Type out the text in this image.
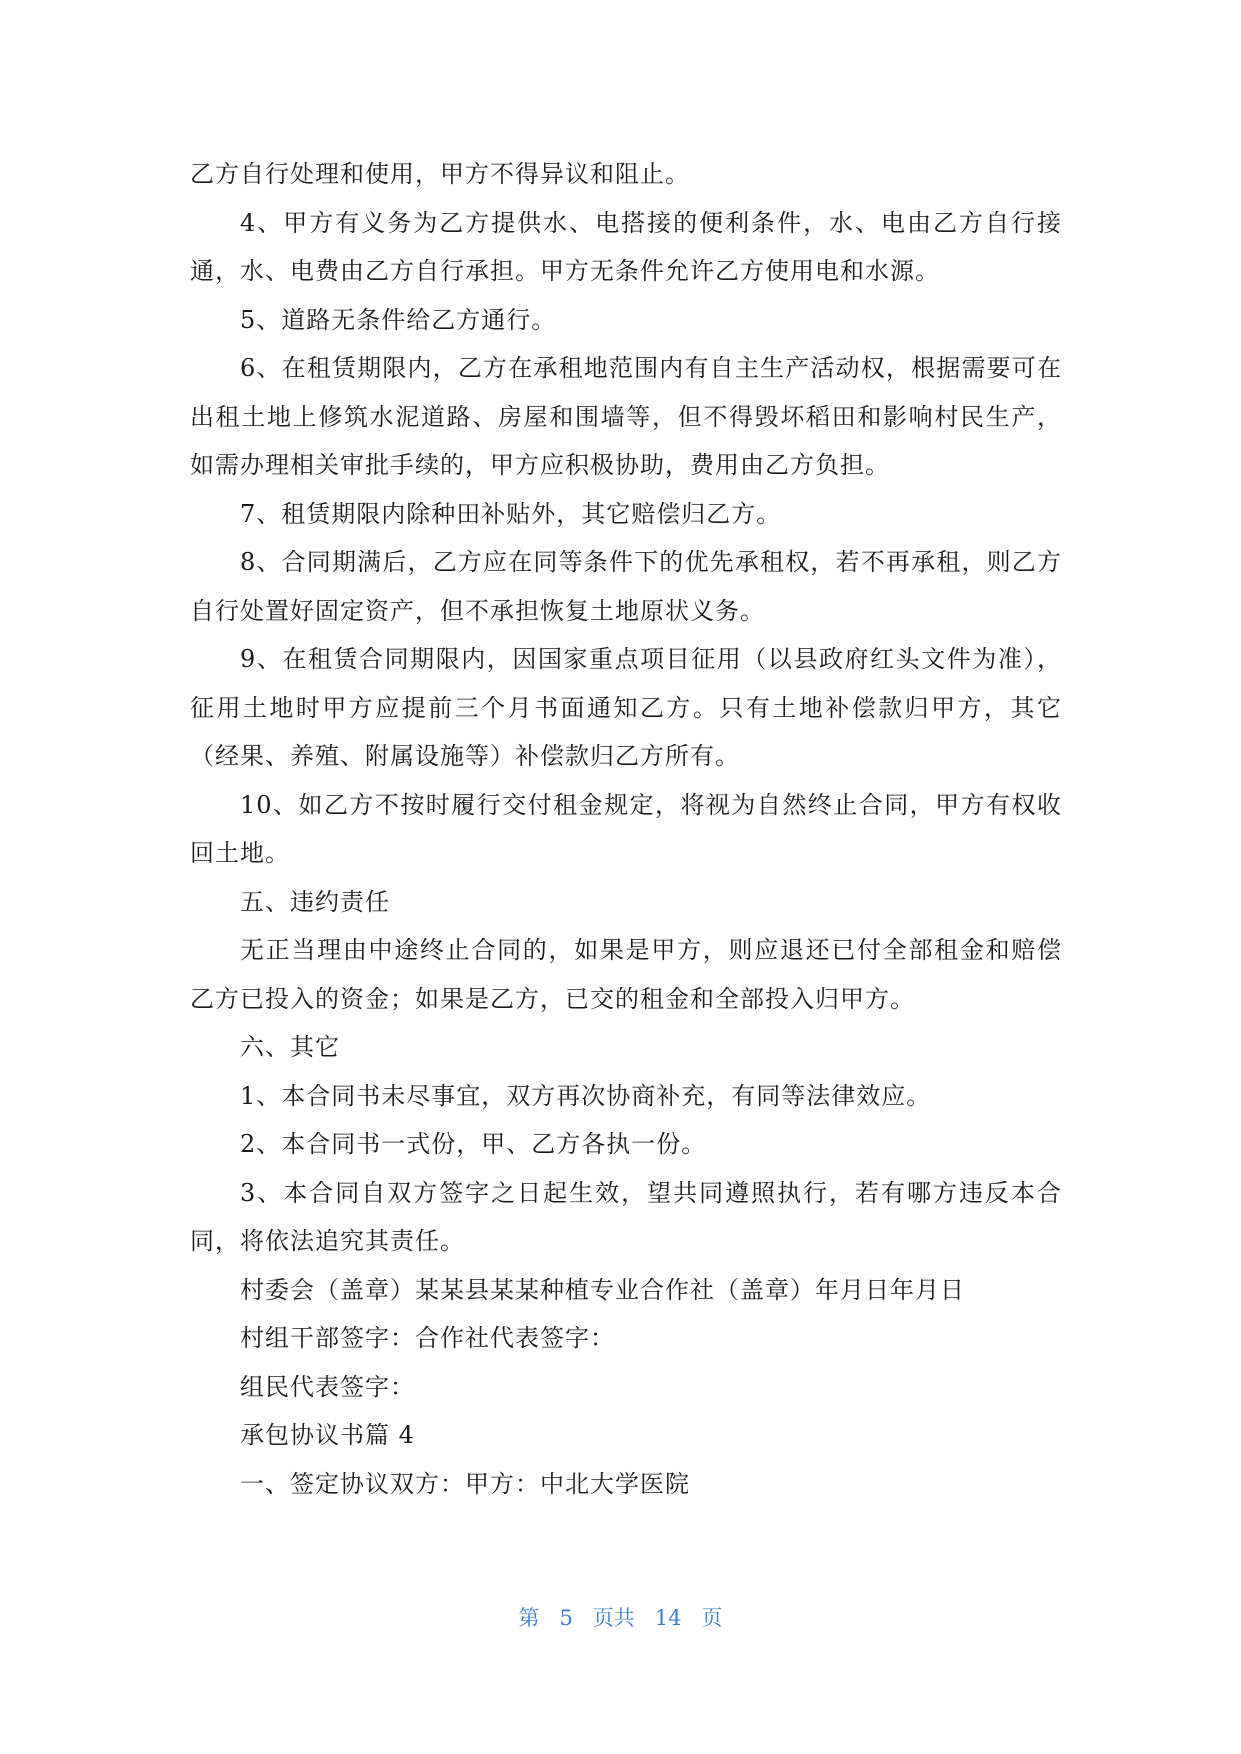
乙方自行处理和使用，甲方不得异议和阻止。

4、甲方有义务为乙方提供水、电搭接的便利条件，水、电由乙方自行接通，水、电费由乙方自行承担。甲方无条件允许乙方使用电和水源。

5、道路无条件给乙方通行。

6、在租赁期限内，乙方在承租地范围内有自主生产活动权，根据需要可在出租土地上修筑水泥道路、房屋和围墙等，但不得毁坏稻田和影响村民生产，如需办理相关审批手续的，甲方应积极协助，费用由乙方负担。

7、租赁期限内除种田补贴外，其它赔偿归乙方。

8、合同期满后，乙方应在同等条件下的优先承租权，若不再承租，则乙方自行处置好固定资产，但不承担恢复土地原状义务。

9、在租赁合同期限内，因国家重点项目征用（以县政府红头文件为准），征用土地时甲方应提前三个月书面通知乙方。只有土地补偿款归甲方，其它（经果、养殖、附属设施等）补偿款归乙方所有。

10、如乙方不按时履行交付租金规定，将视为自然终止合同，甲方有权收回土地。

五、违约责任

无正当理由中途终止合同的，如果是甲方，则应退还已付全部租金和赔偿乙方已投入的资金；如果是乙方，已交的租金和全部投入归甲方。

六、其它

1、本合同书未尽事宜，双方再次协商补充，有同等法律效应。

2、本合同书一式份，甲、乙方各执一份。

3、本合同自双方签字之日起生效，望共同遵照执行，若有哪方违反本合同，将依法追究其责任。

村委会（盖章）某某县某某种植专业合作社（盖章）年月日年月日

村组干部签字：合作社代表签字：

组民代表签字：

承包协议书篇 4

一、签定协议双方：甲方：中北大学医院

第 5 页共 14 页
